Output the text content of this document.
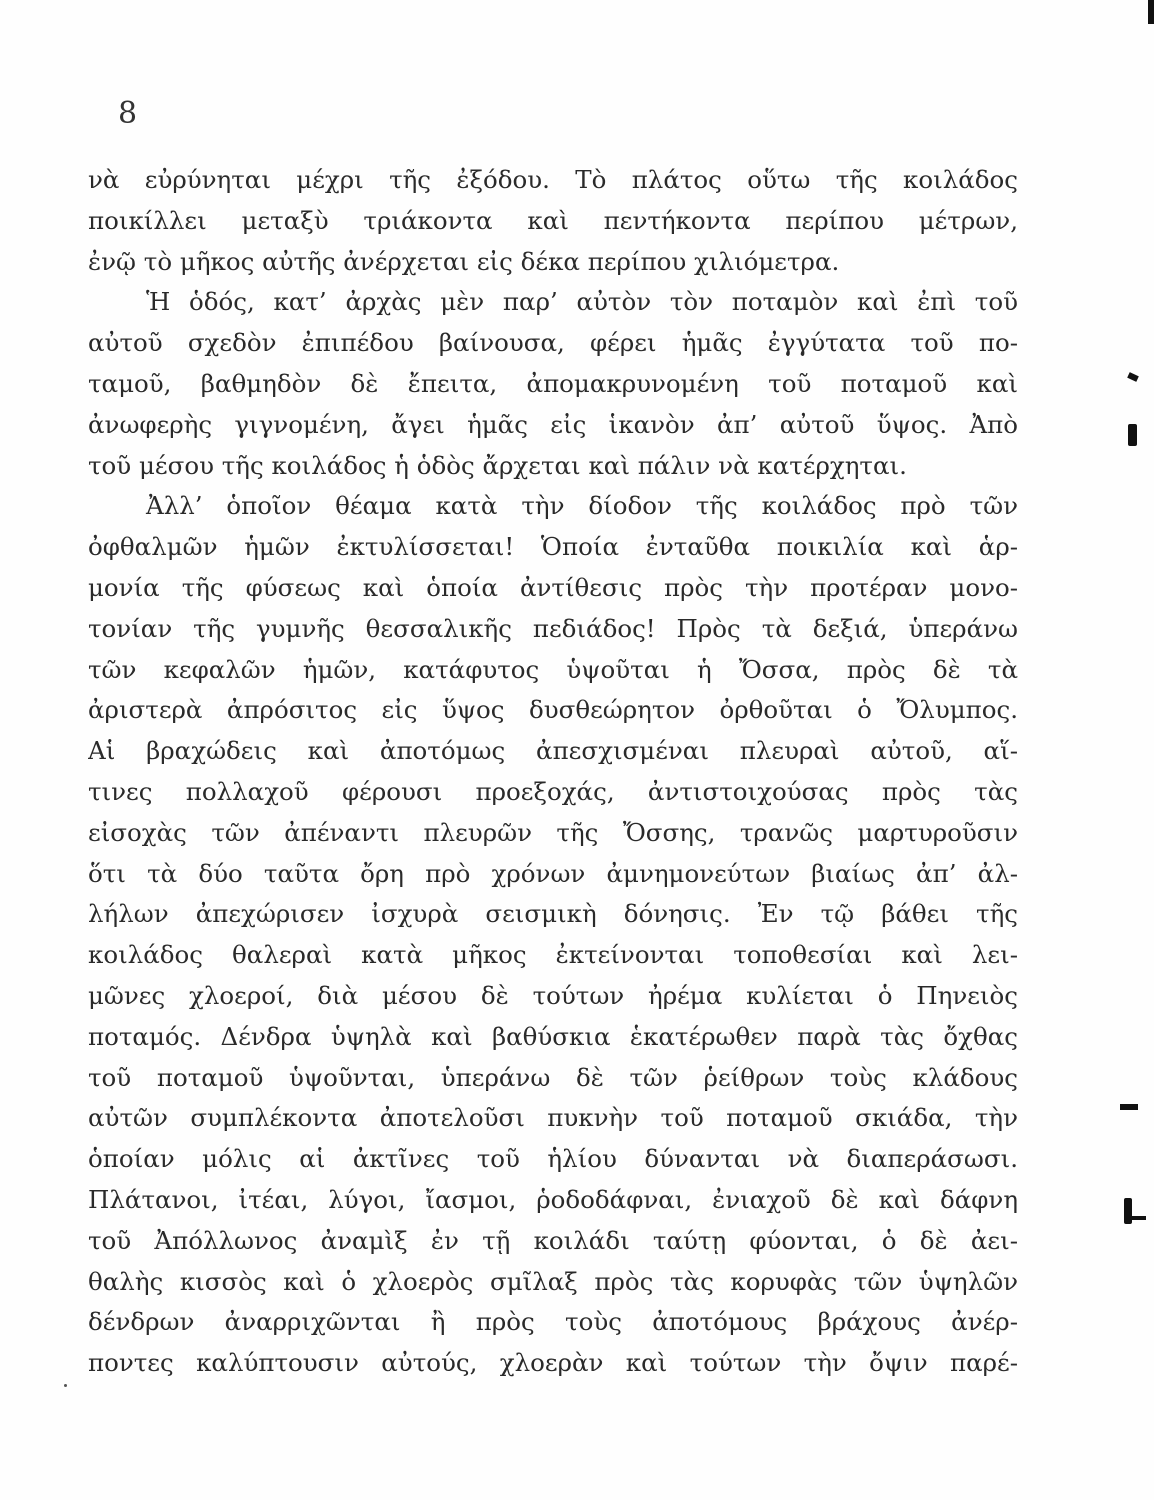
8
νὰ εὐρύνηται μέχρι τῆς ἐξόδου. Τὸ πλάτος οὕτω τῆς κοιλάδος
ποικίλλει μεταξὺ τριάκοντα καὶ πεντήκοντα περίπου μέτρων,
ἐνῷ τὸ μῆκος αὐτῆς ἀνέρχεται εἰς δέκα περίπου χιλιόμετρα.
Ἡ ὁδός, κατ’ ἀρχὰς μὲν παρ’ αὐτὸν τὸν ποταμὸν καὶ ἐπὶ τοῦ
αὐτοῦ σχεδὸν ἐπιπέδου βαίνουσα, φέρει ἡμᾶς ἐγγύτατα τοῦ πο-
ταμοῦ, βαθμηδὸν δὲ ἔπειτα, ἀπομακρυνομένη τοῦ ποταμοῦ καὶ
ἀνωφερὴς γιγνομένη, ἄγει ἡμᾶς εἰς ἱκανὸν ἀπ’ αὐτοῦ ὕψος. Ἀπὸ
τοῦ μέσου τῆς κοιλάδος ἡ ὁδὸς ἄρχεται καὶ πάλιν νὰ κατέρχηται.
Ἀλλ’ ὁποῖον θέαμα κατὰ τὴν δίοδον τῆς κοιλάδος πρὸ τῶν
ὀφθαλμῶν ἡμῶν ἐκτυλίσσεται! Ὁποία ἐνταῦθα ποικιλία καὶ ἁρ-
μονία τῆς φύσεως καὶ ὁποία ἀντίθεσις πρὸς τὴν προτέραν μονο-
τονίαν τῆς γυμνῆς θεσσαλικῆς πεδιάδος! Πρὸς τὰ δεξιά, ὑπεράνω
τῶν κεφαλῶν ἡμῶν, κατάφυτος ὑψοῦται ἡ Ὄσσα, πρὸς δὲ τὰ
ἀριστερὰ ἀπρόσιτος εἰς ὕψος δυσθεώρητον ὀρθοῦται ὁ Ὄλυμπος.
Αἱ βραχώδεις καὶ ἀποτόμως ἀπεσχισμέναι πλευραὶ αὐτοῦ, αἵ-
τινες πολλαχοῦ φέρουσι προεξοχάς, ἀντιστοιχούσας πρὸς τὰς
εἰσοχὰς τῶν ἀπέναντι πλευρῶν τῆς Ὄσσης, τρανῶς μαρτυροῦσιν
ὅτι τὰ δύο ταῦτα ὄρη πρὸ χρόνων ἀμνημονεύτων βιαίως ἀπ’ ἀλ-
λήλων ἀπεχώρισεν ἰσχυρὰ σεισμικὴ δόνησις. Ἐν τῷ βάθει τῆς
κοιλάδος θαλεραὶ κατὰ μῆκος ἐκτείνονται τοποθεσίαι καὶ λει-
μῶνες χλοεροί, διὰ μέσου δὲ τούτων ἠρέμα κυλίεται ὁ Πηνειὸς
ποταμός. Δένδρα ὑψηλὰ καὶ βαθύσκια ἑκατέρωθεν παρὰ τὰς ὄχθας
τοῦ ποταμοῦ ὑψοῦνται, ὑπεράνω δὲ τῶν ῥείθρων τοὺς κλάδους
αὐτῶν συμπλέκοντα ἀποτελοῦσι πυκνὴν τοῦ ποταμοῦ σκιάδα, τὴν
ὁποίαν μόλις αἱ ἀκτῖνες τοῦ ἡλίου δύνανται νὰ διαπεράσωσι.
Πλάτανοι, ἰτέαι, λύγοι, ἴασμοι, ῥοδοδάφναι, ἐνιαχοῦ δὲ καὶ δάφνη
τοῦ Ἀπόλλωνος ἀναμὶξ ἐν τῇ κοιλάδι ταύτῃ φύονται, ὁ δὲ ἀει-
θαλὴς κισσὸς καὶ ὁ χλοερὸς σμῖλαξ πρὸς τὰς κορυφὰς τῶν ὑψηλῶν
δένδρων ἀναρριχῶνται ἢ πρὸς τοὺς ἀποτόμους βράχους ἀνέρ-
ποντες καλύπτουσιν αὐτούς, χλοερὰν καὶ τούτων τὴν ὄψιν παρέ-
